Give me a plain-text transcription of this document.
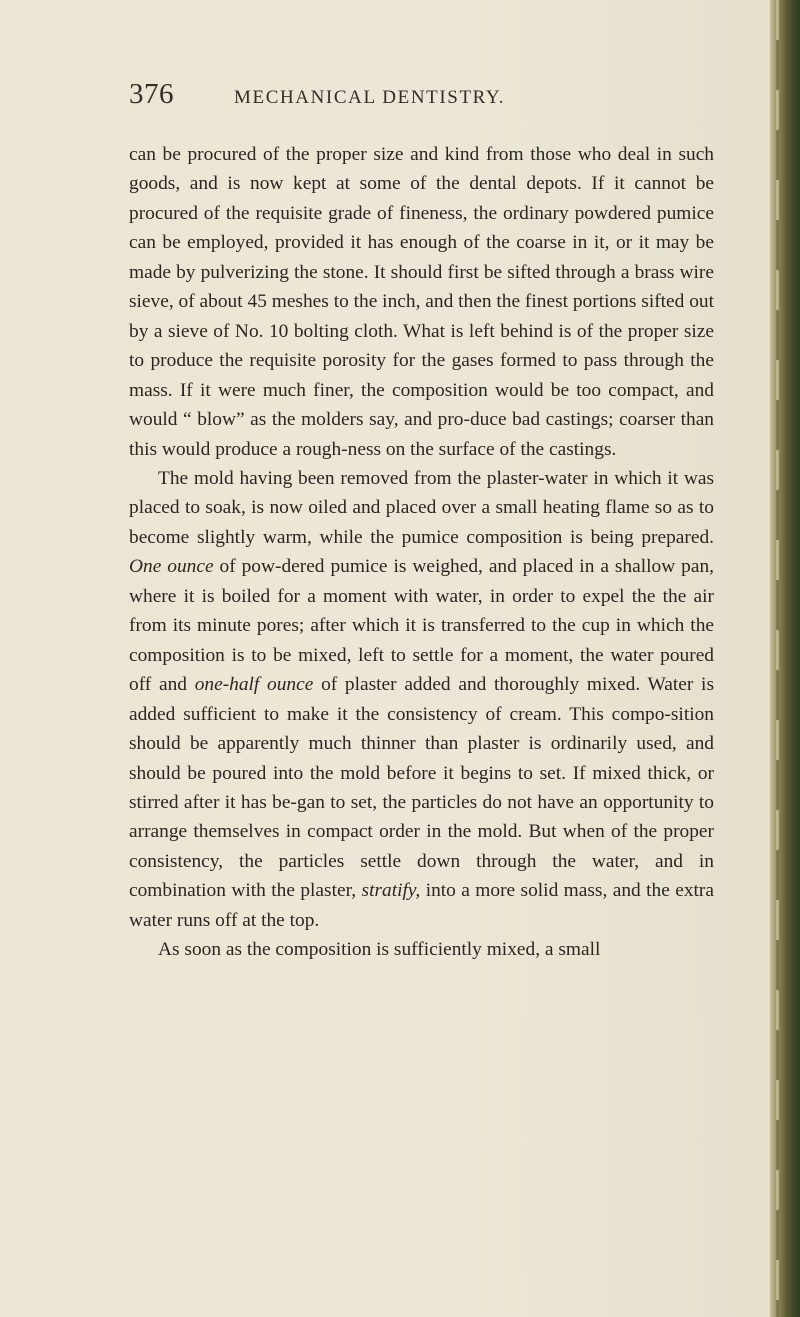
376	MECHANICAL DENTISTRY.

can be procured of the proper size and kind from those who deal in such goods, and is now kept at some of the dental depots. If it cannot be procured of the requisite grade of fineness, the ordinary powdered pumice can be employed, provided it has enough of the coarse in it, or it may be made by pulverizing the stone. It should first be sifted through a brass wire sieve, of about 45 meshes to the inch, and then the finest portions sifted out by a sieve of No. 10 bolting cloth. What is left behind is of the proper size to produce the requisite porosity for the gases formed to pass through the mass. If it were much finer, the composition would be too compact, and would “ blow” as the molders say, and pro-duce bad castings; coarser than this would produce a rough-ness on the surface of the castings.

The mold having been removed from the plaster-water in which it was placed to soak, is now oiled and placed over a small heating flame so as to become slightly warm, while the pumice composition is being prepared. One ounce of pow-dered pumice is weighed, and placed in a shallow pan, where it is boiled for a moment with water, in order to expel the the air from its minute pores; after which it is transferred to the cup in which the composition is to be mixed, left to settle for a moment, the water poured off and one-half ounce of plaster added and thoroughly mixed. Water is added sufficient to make it the consistency of cream. This compo-sition should be apparently much thinner than plaster is ordinarily used, and should be poured into the mold before it begins to set. If mixed thick, or stirred after it has be-gan to set, the particles do not have an opportunity to arrange themselves in compact order in the mold. But when of the proper consistency, the particles settle down through the water, and in combination with the plaster, stratify, into a more solid mass, and the extra water runs off at the top.

As soon as the composition is sufficiently mixed, a small
